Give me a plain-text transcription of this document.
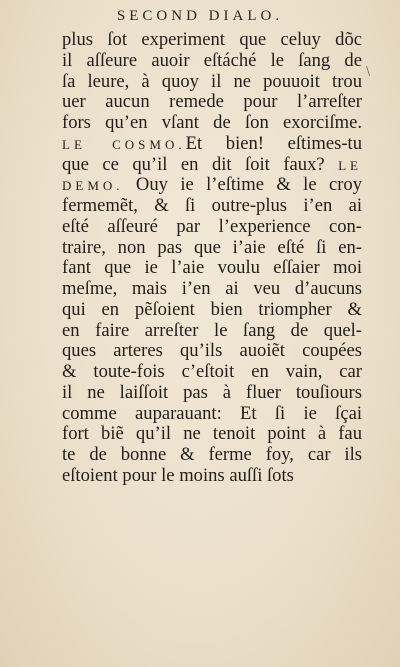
SECOND DIALO.
/
plus ſot experiment que celuy dõc
il aſſeure auoir eſtáché le ſang de
ſa leure, à quoy il ne pouuoit trou
uer aucun remede pour l’arreſter
fors qu’en vſant de ſon exorciſme.
LE COSMO.Et bien! eſtimes-tu
que ce qu’il en dit ſoit faux? LE
DEMO. Ouy ie l’eſtime & le croy
fermemẽt, & ſi outre-plus i’en ai
eſté aſſeuré par l’experience con-
traire, non pas que i’aie eſté ſi en-
fant que ie l’aie voulu eſſaier moi
meſme, mais i’en ai veu d’aucuns
qui en pẽſoient bien triompher &
en faire arreſter le ſang de quel-
ques arteres qu’ils auoiẽt coupées
& toute-fois c’eſtoit en vain, car
il ne laiſſoit pas à fluer touſiours
comme auparauant: Et ſi ie ſçai
fort biẽ qu’il ne tenoit point à fau
te de bonne & ferme foy, car ils
eſtoient pour le moins auſſi ſots
